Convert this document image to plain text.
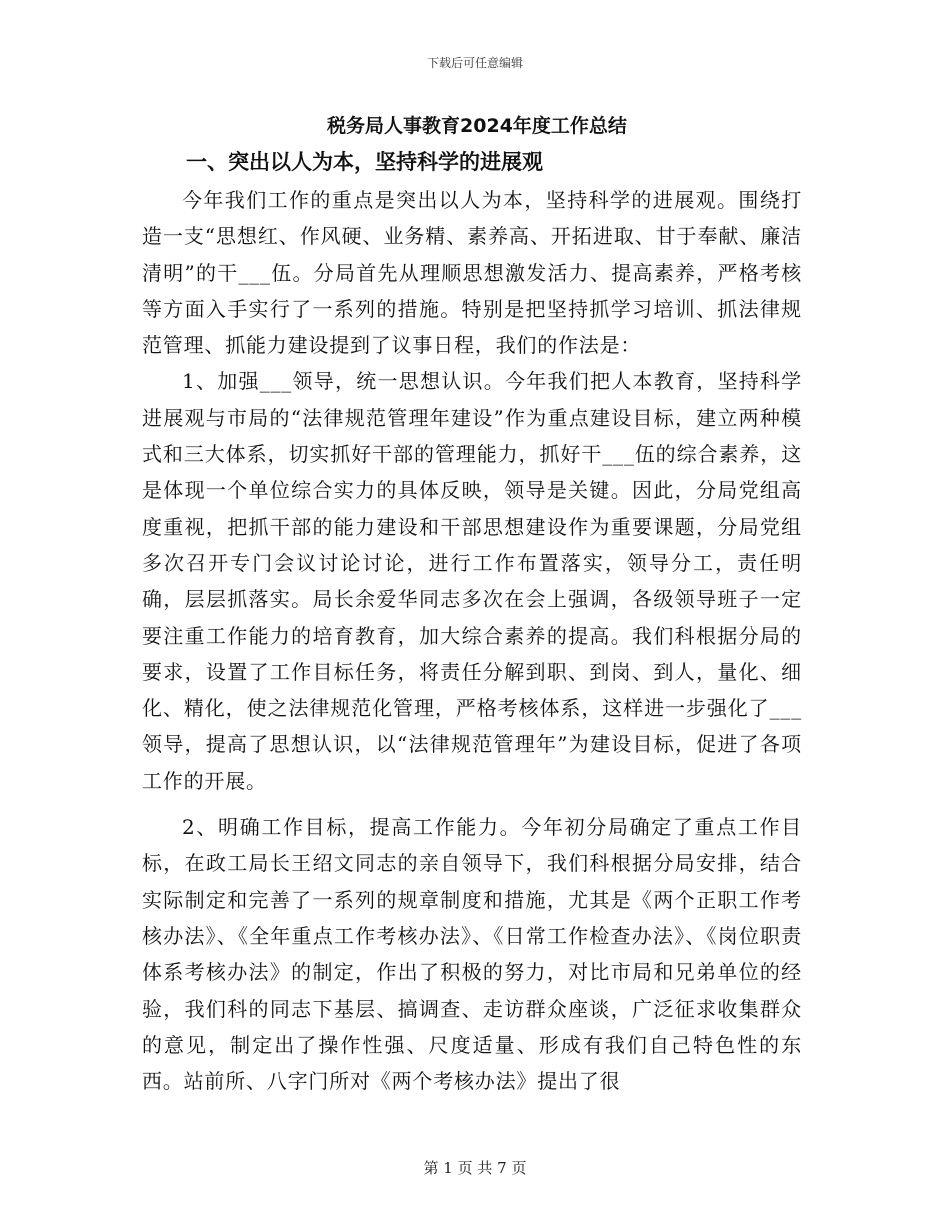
下载后可任意编辑
税务局人事教育2024年度工作总结
一、突出以人为本，坚持科学的进展观

今年我们工作的重点是突出以人为本，坚持科学的进展观。围绕打造一支“思想红、作风硬、业务精、素养高、开拓进取、甘于奉献、廉洁清明”的干___伍。分局首先从理顺思想激发活力、提高素养，严格考核等方面入手实行了一系列的措施。特别是把坚持抓学习培训、抓法律规范管理、抓能力建设提到了议事日程，我们的作法是：

1、加强___领导，统一思想认识。今年我们把人本教育，坚持科学进展观与市局的“法律规范管理年建设”作为重点建设目标，建立两种模式和三大体系，切实抓好干部的管理能力，抓好干___伍的综合素养，这是体现一个单位综合实力的具体反映，领导是关键。因此，分局党组高度重视，把抓干部的能力建设和干部思想建设作为重要课题，分局党组多次召开专门会议讨论讨论，进行工作布置落实，领导分工，责任明确，层层抓落实。局长余爱华同志多次在会上强调，各级领导班子一定要注重工作能力的培育教育，加大综合素养的提高。我们科根据分局的要求，设置了工作目标任务，将责任分解到职、到岗、到人，量化、细化、精化，使之法律规范化管理，严格考核体系，这样进一步强化了___领导，提高了思想认识，以“法律规范管理年”为建设目标，促进了各项工作的开展。

2、明确工作目标，提高工作能力。今年初分局确定了重点工作目标，在政工局长王绍文同志的亲自领导下，我们科根据分局安排，结合实际制定和完善了一系列的规章制度和措施，尤其是《两个正职工作考核办法》、《全年重点工作考核办法》、《日常工作检查办法》、《岗位职责体系考核办法》的制定，作出了积极的努力，对比市局和兄弟单位的经验，我们科的同志下基层、搞调查、走访群众座谈，广泛征求收集群众的意见，制定出了操作性强、尺度适量、形成有我们自己特色性的东西。站前所、八字门所对《两个考核办法》提出了很

第 1 页 共 7 页
